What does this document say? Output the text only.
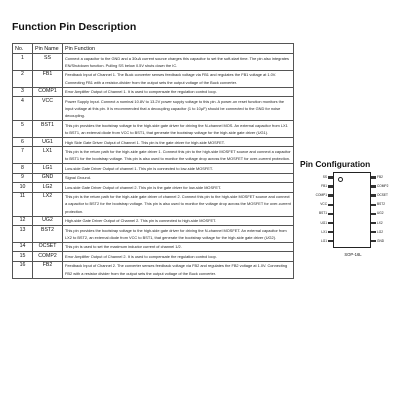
Function Pin Description
No.	Pin Name	Pin Function
1	SS	Connect a capacitor to the GND and a 30uA current source charges this capacitor to set the soft-start time. The pin also integrates EN/Shutdown function. Pulling SS below 0.5V shuts down the IC.
2	FB1	Feedback Input of Channel 1. The Buck converter senses feedback voltage via FB1 and regulates the FB1 voltage at 1.0V. Connecting FB1 with a resistor-divider from the output sets the output voltage of the Buck converter.
3	COMP1	Error Amplifier Output of Channel 1. It is used to compensate the regulation control loop.
4	VCC	Power Supply Input. Connect a nominal 10.8V to 13.2V power supply voltage to this pin. A power-on reset function monitors the input voltage at this pin. It is recommended that a decoupling capacitor (1 to 10μF) should be connected to the GND for noise decoupling.
5	BST1	This pin provides the bootstrap voltage to the high-side gate driver for driving the N-channel MOS. An external capacitor from LX1 to BST1, an external diode from VCC to BST1, that generate the bootstrap voltage for the high-side gate driver (UG1).
6	UG1	High Side Gate Driver Output of Channel 1. This pin is the gate driver for high-side MOSFET.
7	LX1	This pin is the return path for the high-side gate driver 1. Connect this pin to the high-side MOSFET source and connect a capacitor to BST1 for the bootstrap voltage. This pin is also used to monitor the voltage drop across the MOSFET for over-current protection.
8	LG1	Low-side Gate Driver Output of channel 1. This pin is connected to low-side MOSFET.
9	GND	Signal Ground.
10	LG2	Low-side Gate Driver Output of channel 2. This pin is the gate driver for low-side MOSFET.
11	LX2	This pin is the return path for the high-side gate driver of channel 2. Connect this pin to the high-side MOSFET source and connect a capacitor to BST2 for the bootstrap voltage. This pin is also used to monitor the voltage drop across the MOSFET for over-current protection.
12	UG2	High-side Gate Driver Output of Channel 2. This pin is connected to high-side MOSFET.
13	BST2	This pin provides the bootstrap voltage to the high-side gate driver for driving the N-channel MOSFET. An external capacitor from LX2 to BST2, an external diode from VCC to BST1, that generate the bootstrap voltage for the high-side gate driver (UG2).
14	OCSET	This pin is used to set the maximum inductor current of channel 1/2.
15	COMP2	Error Amplifier Output of Channel 2. It is used to compensate the regulation control loop.
16	FB2	Feedback Input of Channel 2. The converter senses feedback voltage via FB2 and regulates the FB2 voltage at 1.0V. Connecting FB2 with a resistor divider from the output sets the output voltage of the Buck converter.
Pin Configuration
SS
FB1
COMP1
VCC
BST1
UG1
LX1
LG1
FB2
COMP2
OCSET
BST2
UG2
LX2
LG2
GND
SOP-16L
